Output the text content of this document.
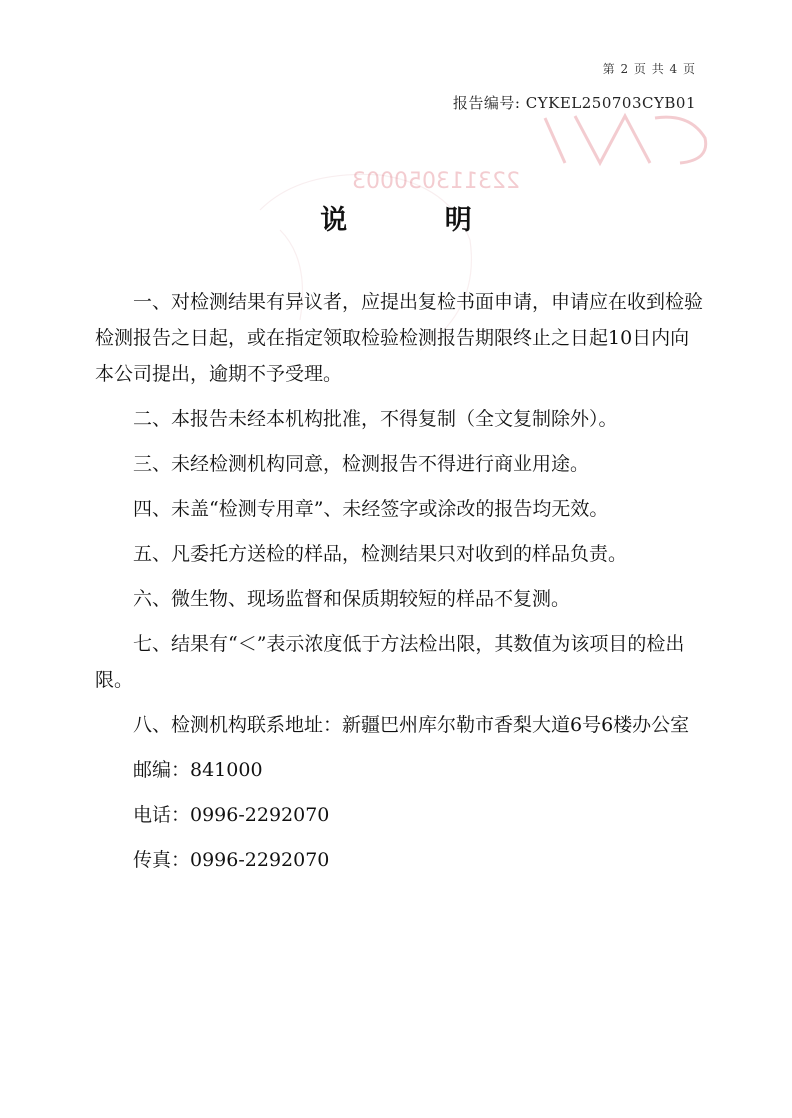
第 2 页 共 4 页
报告编号: CYKEL250703CYB01
223113050003
说 明

一、对检测结果有异议者，应提出复检书面申请，申请应在收到检验检测报告之日起，或在指定领取检验检测报告期限终止之日起10日内向本公司提出，逾期不予受理。

二、本报告未经本机构批准，不得复制（全文复制除外）。

三、未经检测机构同意，检测报告不得进行商业用途。

四、未盖“检测专用章”、未经签字或涂改的报告均无效。

五、凡委托方送检的样品，检测结果只对收到的样品负责。

六、微生物、现场监督和保质期较短的样品不复测。

七、结果有“＜”表示浓度低于方法检出限，其数值为该项目的检出限。

八、检测机构联系地址：新疆巴州库尔勒市香梨大道6号6楼办公室

邮编：841000

电话：0996-2292070

传真：0996-2292070
